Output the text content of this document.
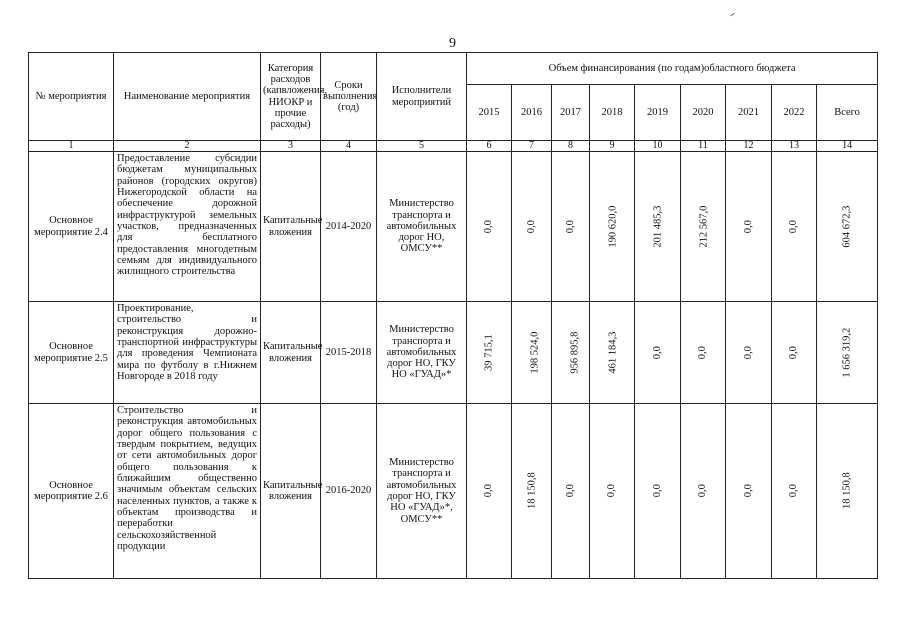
9
№ мероприятия	Наименование мероприятия	Категория расходов (капвложения, НИОКР и прочие расходы)	Сроки выполнения (год)	Исполнители мероприятий	Объем финансирования (по годам)областного бюджета								
					2015	2016	2017	2018	2019	2020	2021	2022	Всего
1	2	3	4	5	6	7	8	9	10	11	12	13	14
Основное мероприятие 2.4	Предоставление субсидии бюджетам муниципальных районов (городских округов) Нижегородской области на обеспечение дорожной инфраструктурой земельных участков, предназначенных для бесплатного предоставления многодетным семьям для индивидуального жилищного строительства	Капитальные вложения	2014-2020	Министерство транспорта и автомобильных дорог НО, ОМСУ**	0,0	0,0	0,0	190 620,0	201 485,3	212 567,0	0,0	0,0	604 672,3
Основное мероприятие 2.5	Проектирование, строительство и реконструкция дорожно-транспортной инфраструктуры для проведения Чемпионата мира по футболу в г.Нижнем Новгороде в 2018 году	Капитальные вложения	2015-2018	Министерство транспорта и автомобильных дорог НО, ГКУ НО «ГУАД»*	39 715,1	198 524,0	956 895,8	461 184,3	0,0	0,0	0,0	0,0	1 656 319,2
Основное мероприятие 2.6	Строительство и реконструкция автомобильных дорог общего пользования с твердым покрытием, ведущих от сети автомобильных дорог общего пользования к ближайшим общественно значимым объектам сельских населенных пунктов, а также к объектам производства и переработки сельскохозяйственной продукции	Капитальные вложения	2016-2020	Министерство транспорта и автомобильных дорог НО, ГКУ НО «ГУАД»*, ОМСУ**	0,0	18 150,8	0,0	0,0	0,0	0,0	0,0	0,0	18 150,8
